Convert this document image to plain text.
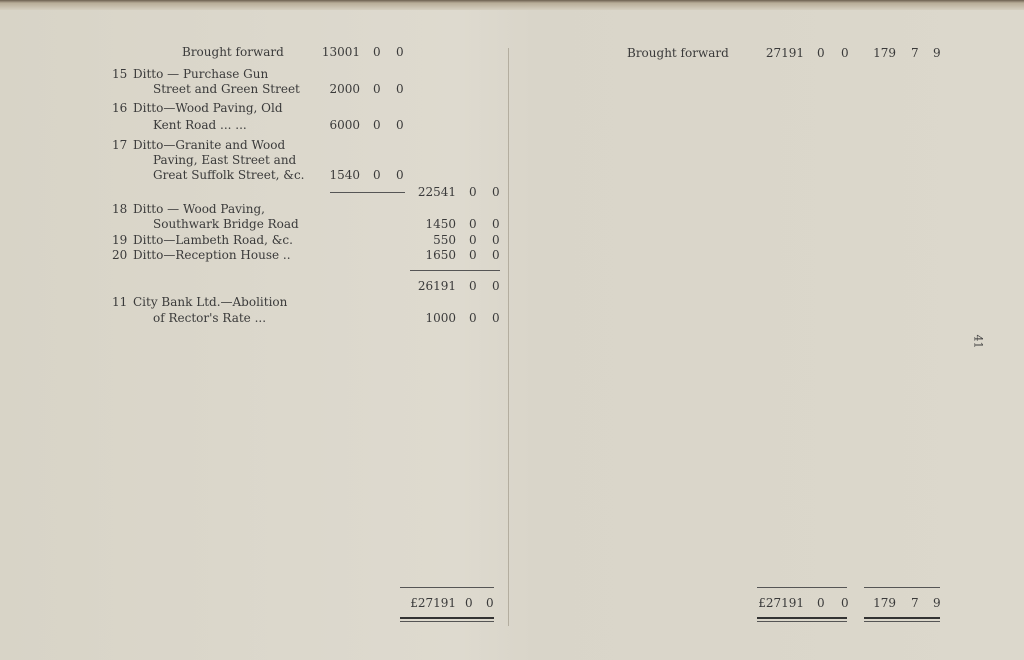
Brought forward	13001 0 0
15 Ditto — Purchase Gun
Street and Green Street	2000 0 0
16 Ditto—Wood Paving, Old
Kent Road ... ...	6000 0 0
17 Ditto—Granite and Wood
Paving, East Street and
Great Suffolk Street, &c.	1540 0 0
22541 0 0
18 Ditto — Wood Paving,
Southwark Bridge Road	1450 0 0
19 Ditto—Lambeth Road, &c.	550 0 0
20 Ditto—Reception House ..	1650 0 0
26191 0 0
11 City Bank Ltd.—Abolition
of Rector's Rate ...	1000 0 0
£27191 0 0
Brought forward	27191 0 0	179 7 9
41
£27191 0 0	179 7 9
